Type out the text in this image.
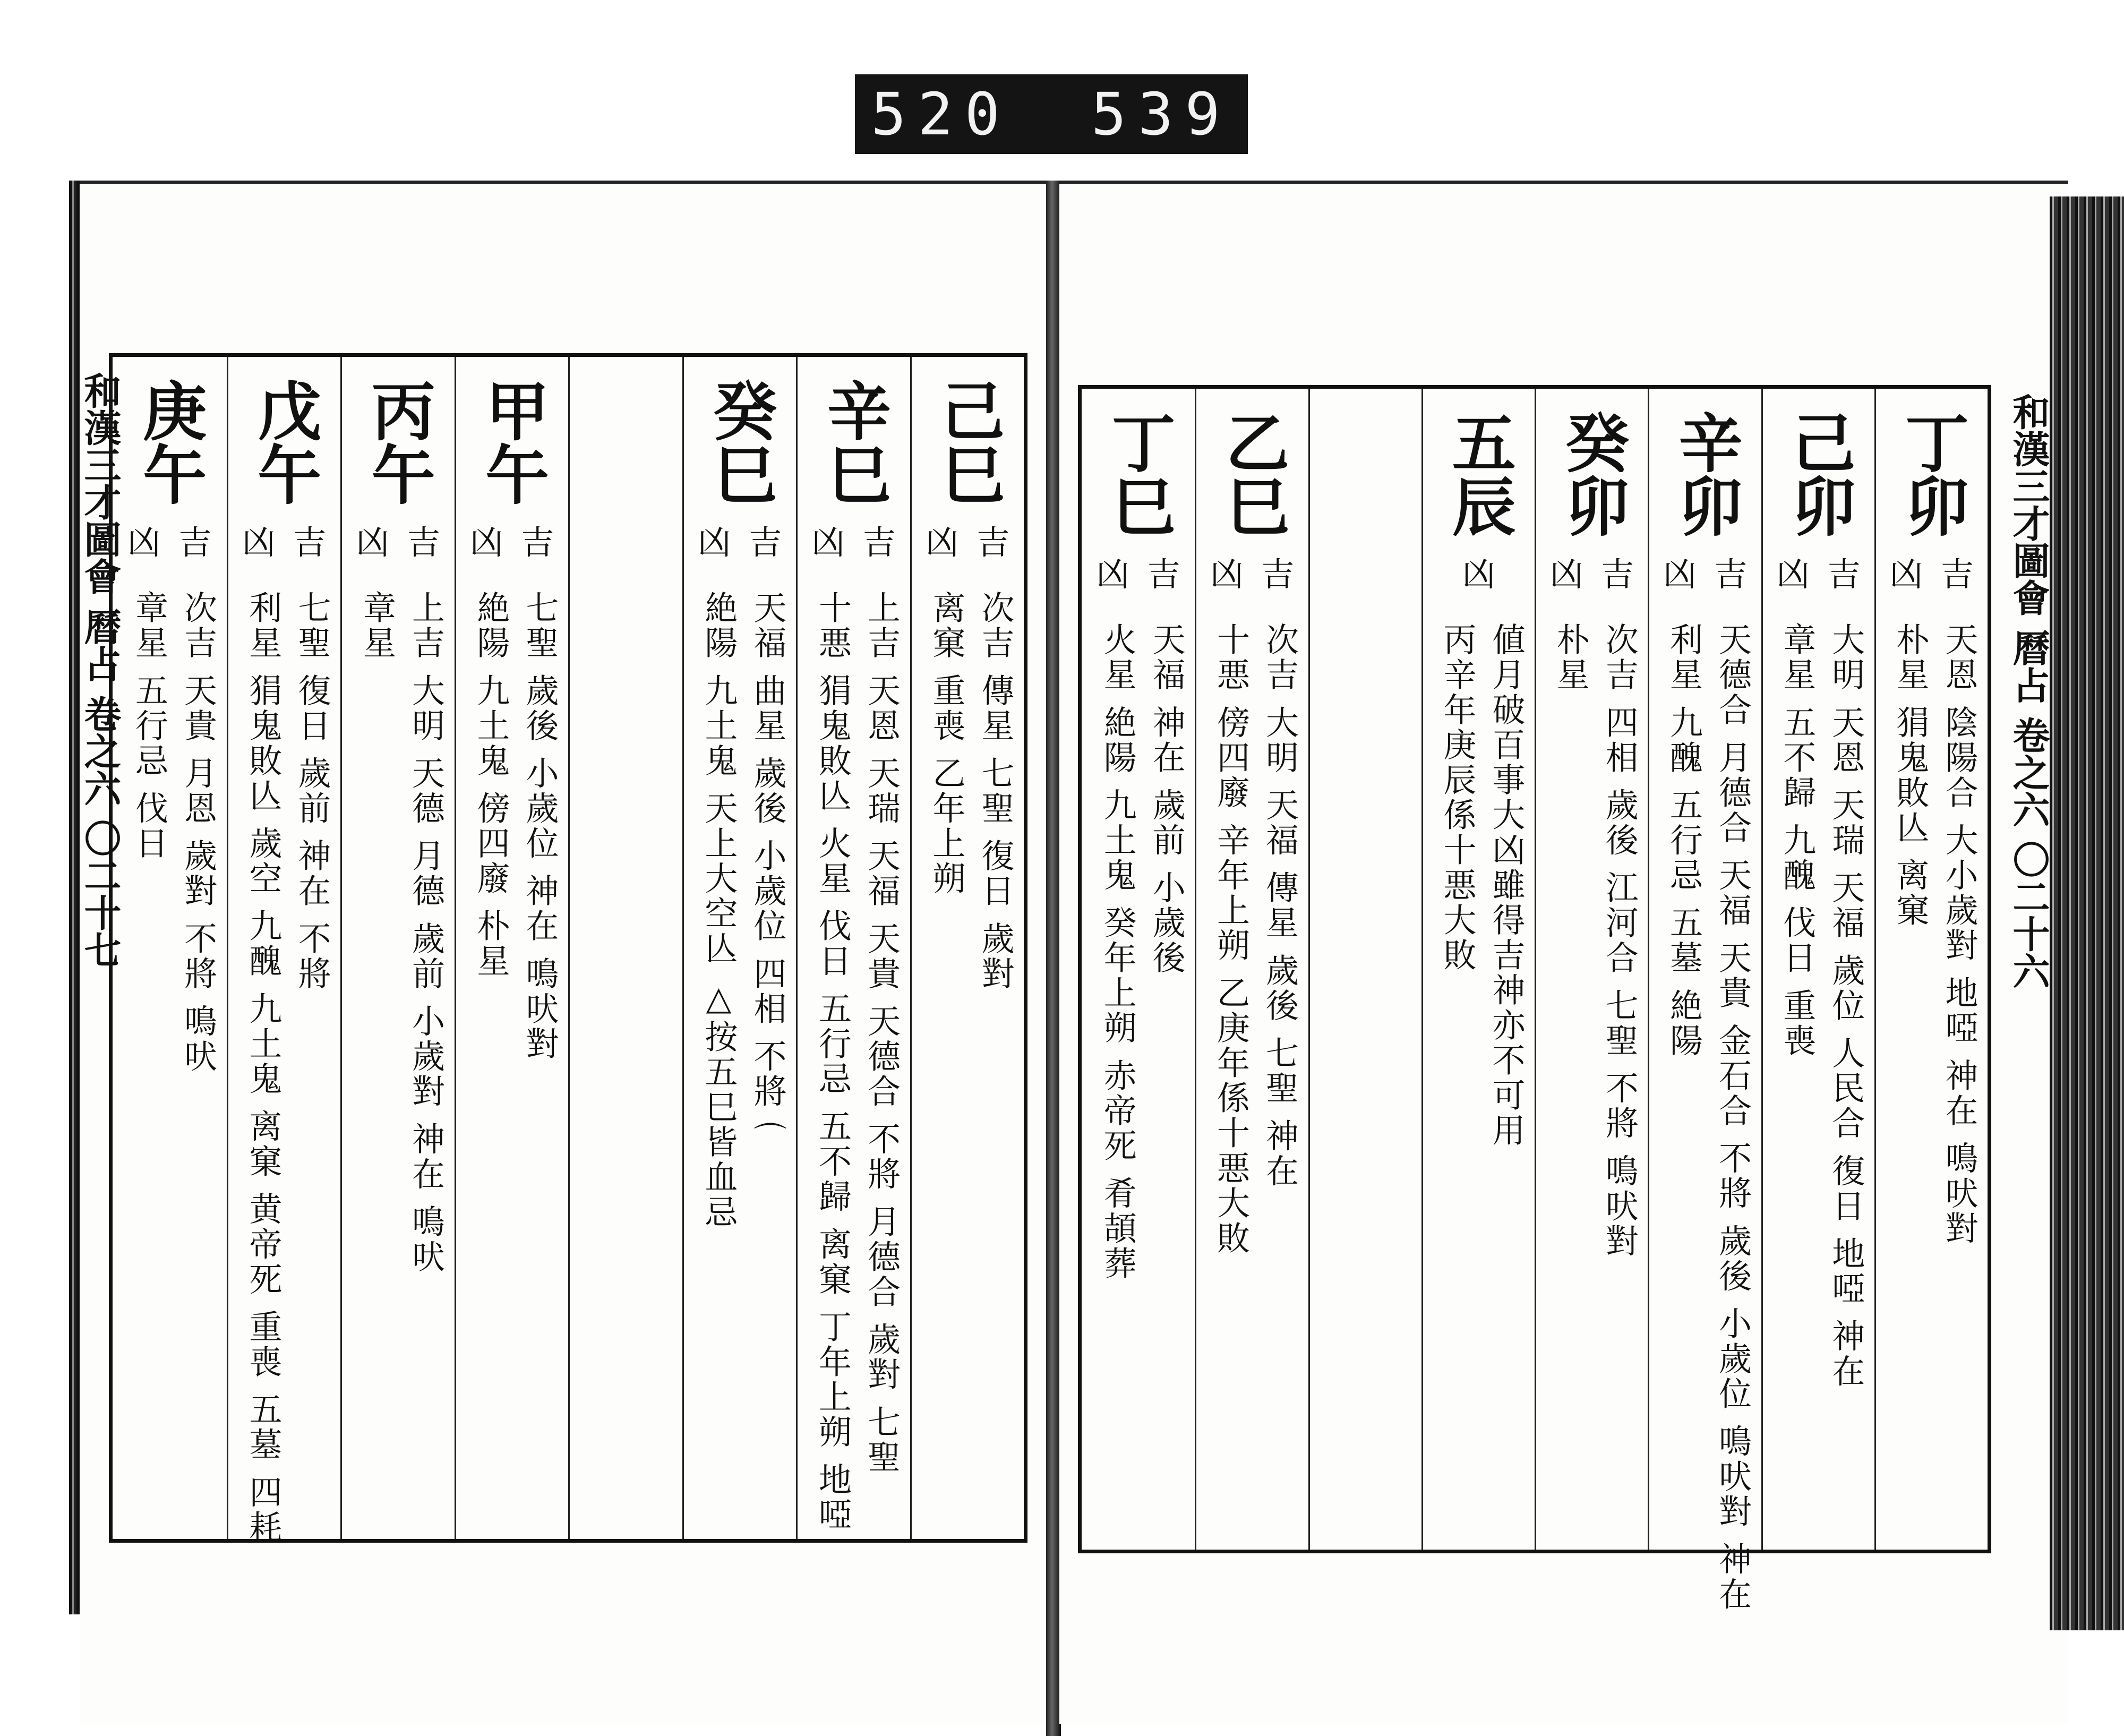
520 539
和漢三才圖會 曆占 卷之六 〇二十七	和漢三才圖會 曆占 卷之六 〇二十六
己巳
吉
凶
次吉 傳星 七聖 復日 歲對
离窠 重喪 乙年上朔
辛巳
吉
凶
上吉 天恩 天瑞 天福 天貴 天德合 不將 月德合 歲對 七聖
十悪 狷鬼敗亾 火星 伐日 五行忌 五不歸 离窠 丁年上朔 地啞
癸巳
吉
凶
天福 曲星 歲後 小歲位 四相 不將 ⌒
絶陽 九土鬼 天上大空亾 △按五巳皆血忌
甲午
吉
凶
七聖 歲後 小歲位 神在 鳴吠對
絶陽 九土鬼 傍四廢 朴星
丙午
吉
凶
上吉 大明 天德 月德 歲前 小歲對 神在 鳴吠
章星
戊午
吉
凶
七聖 復日 歲前 神在 不將
利星 狷鬼敗亾 歲空 九醜 九土鬼 离窠 黄帝死 重喪 五墓 四耗
庚午
吉
凶
次吉 天貴 月恩 歲對 不將 鳴吠
章星 五行忌 伐日
丁卯
吉
凶
天恩 陰陽合 大小歲對 地啞 神在 鳴吠對
朴星 狷鬼敗亾 离窠
己卯
吉
凶
大明 天恩 天瑞 天福 歲位 人民合 復日 地啞 神在
章星 五不歸 九醜 伐日 重喪
辛卯
吉
凶
天德合 月德合 天福 天貴 金石合 不將 歲後 小歲位 鳴吠對 神在
利星 九醜 五行忌 五墓 絶陽
癸卯
吉
凶
次吉 四相 歲後 江河合 七聖 不將 鳴吠對
朴星
五辰
凶
値月破百事大凶雖得吉神亦不可用
丙辛年庚辰係十悪大敗
乙巳
吉
凶
次吉 大明 天福 傳星 歲後 七聖 神在
十悪 傍四廢 辛年上朔 乙庚年係十悪大敗
丁巳
吉
凶
天福 神在 歲前 小歲後
火星 絶陽 九土鬼 癸年上朔 赤帝死 肴頡葬
